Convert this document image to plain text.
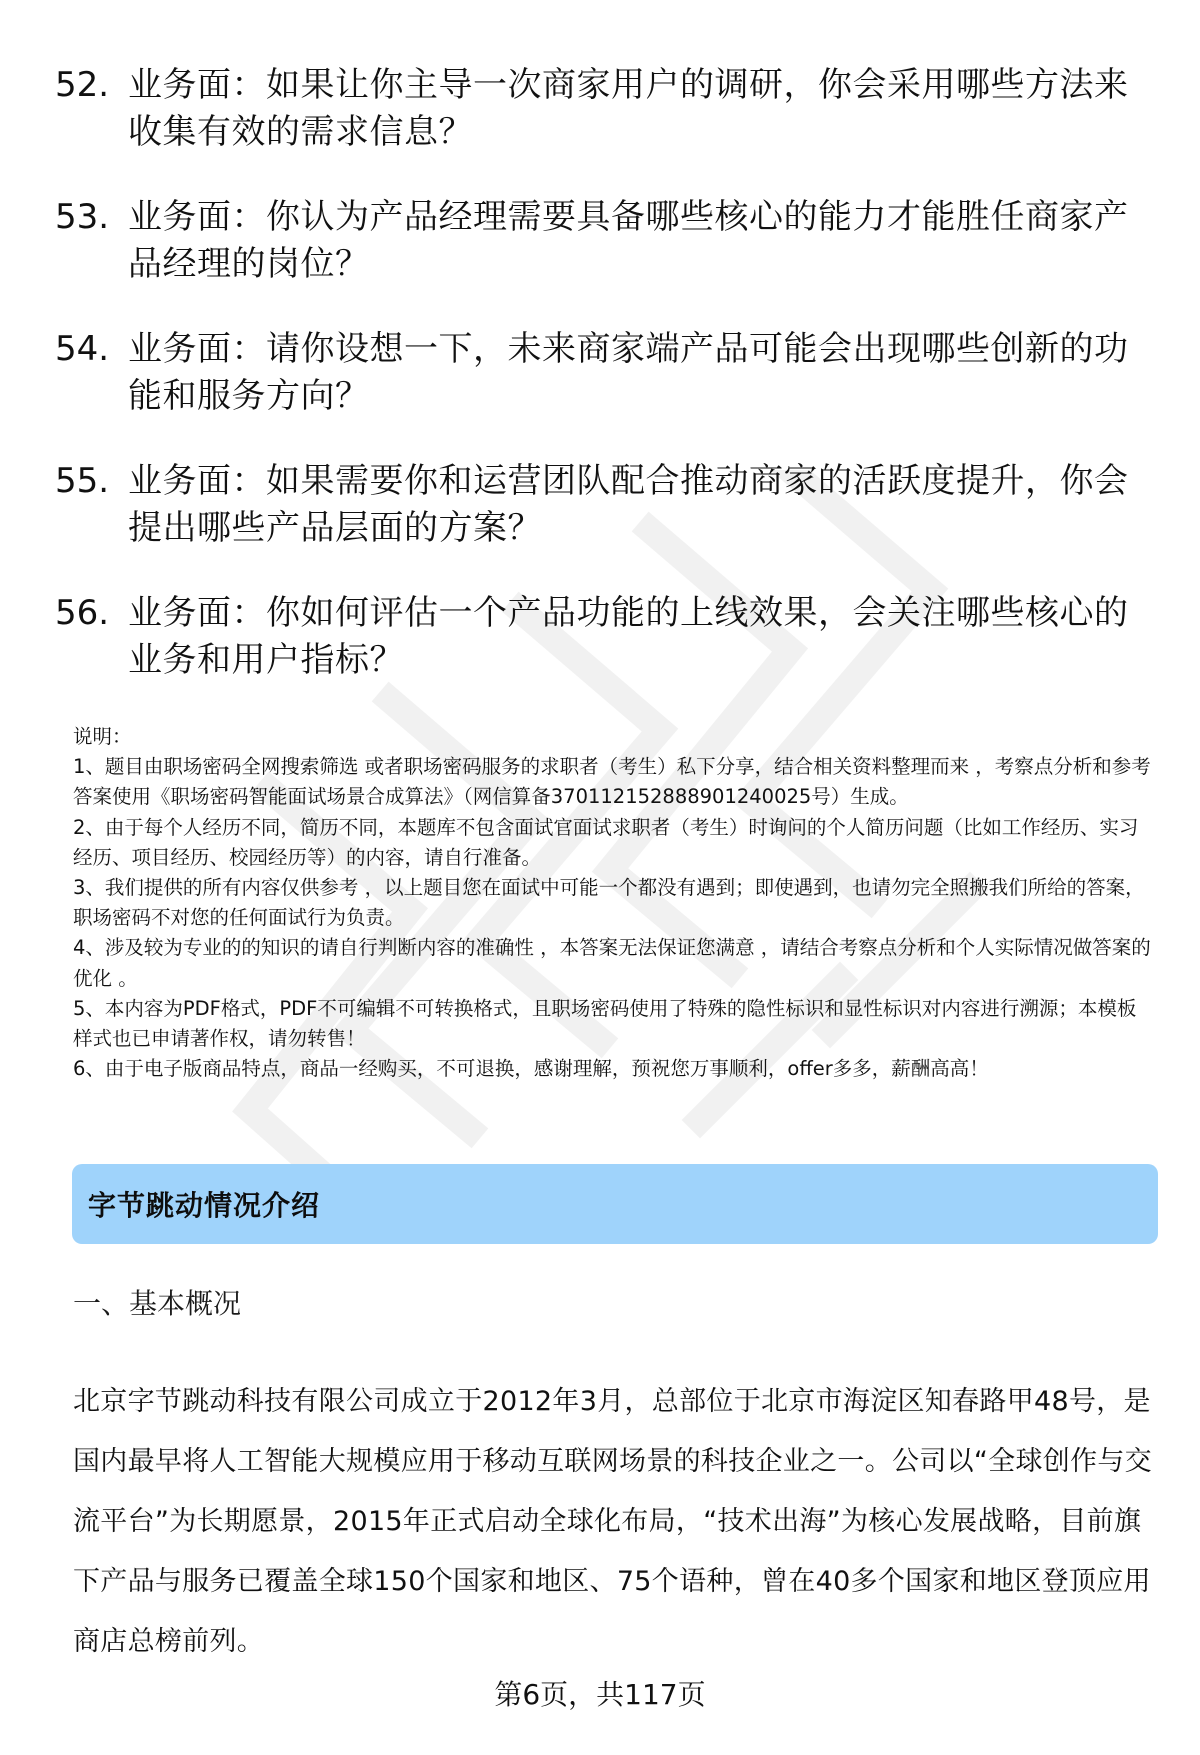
52. 业务面：如果让你主导一次商家用户的调研，你会采用哪些方法来收集有效的需求信息？
53. 业务面：你认为产品经理需要具备哪些核心的能力才能胜任商家产品经理的岗位？
54. 业务面：请你设想一下，未来商家端产品可能会出现哪些创新的功能和服务方向？
55. 业务面：如果需要你和运营团队配合推动商家的活跃度提升，你会提出哪些产品层面的方案？
56. 业务面：你如何评估一个产品功能的上线效果，会关注哪些核心的业务和用户指标？

说明：

1、题目由职场密码全网搜索筛选 或者职场密码服务的求职者（考生）私下分享，结合相关资料整理而来 ，考察点分析和参考答案使用《职场密码智能面试场景合成算法》（网信算备370112152888901240025号）生成。

2、由于每个人经历不同，简历不同，本题库不包含面试官面试求职者（考生）时询问的个人简历问题（比如工作经历、实习经历、项目经历、校园经历等）的内容，请自行准备。

3、我们提供的所有内容仅供参考 ，以上题目您在面试中可能一个都没有遇到；即使遇到，也请勿完全照搬我们所给的答案，职场密码不对您的任何面试行为负责。

4、涉及较为专业的的知识的请自行判断内容的准确性 ，本答案无法保证您满意 ，请结合考察点分析和个人实际情况做答案的优化 。

5、本内容为PDF格式，PDF不可编辑不可转换格式，且职场密码使用了特殊的隐性标识和显性标识对内容进行溯源；本模板样式也已申请著作权，请勿转售！

6、由于电子版商品特点，商品一经购买，不可退换，感谢理解，预祝您万事顺利，offer多多，薪酬高高！

字节跳动情况介绍
一、基本概况
北京字节跳动科技有限公司成立于2012年3月，总部位于北京市海淀区知春路甲48号，是国内最早将人工智能大规模应用于移动互联网场景的科技企业之一。公司以“全球创作与交流平台”为长期愿景，2015年正式启动全球化布局，“技术出海”为核心发展战略，目前旗下产品与服务已覆盖全球150个国家和地区、75个语种，曾在40多个国家和地区登顶应用商店总榜前列。
第6页，共117页
